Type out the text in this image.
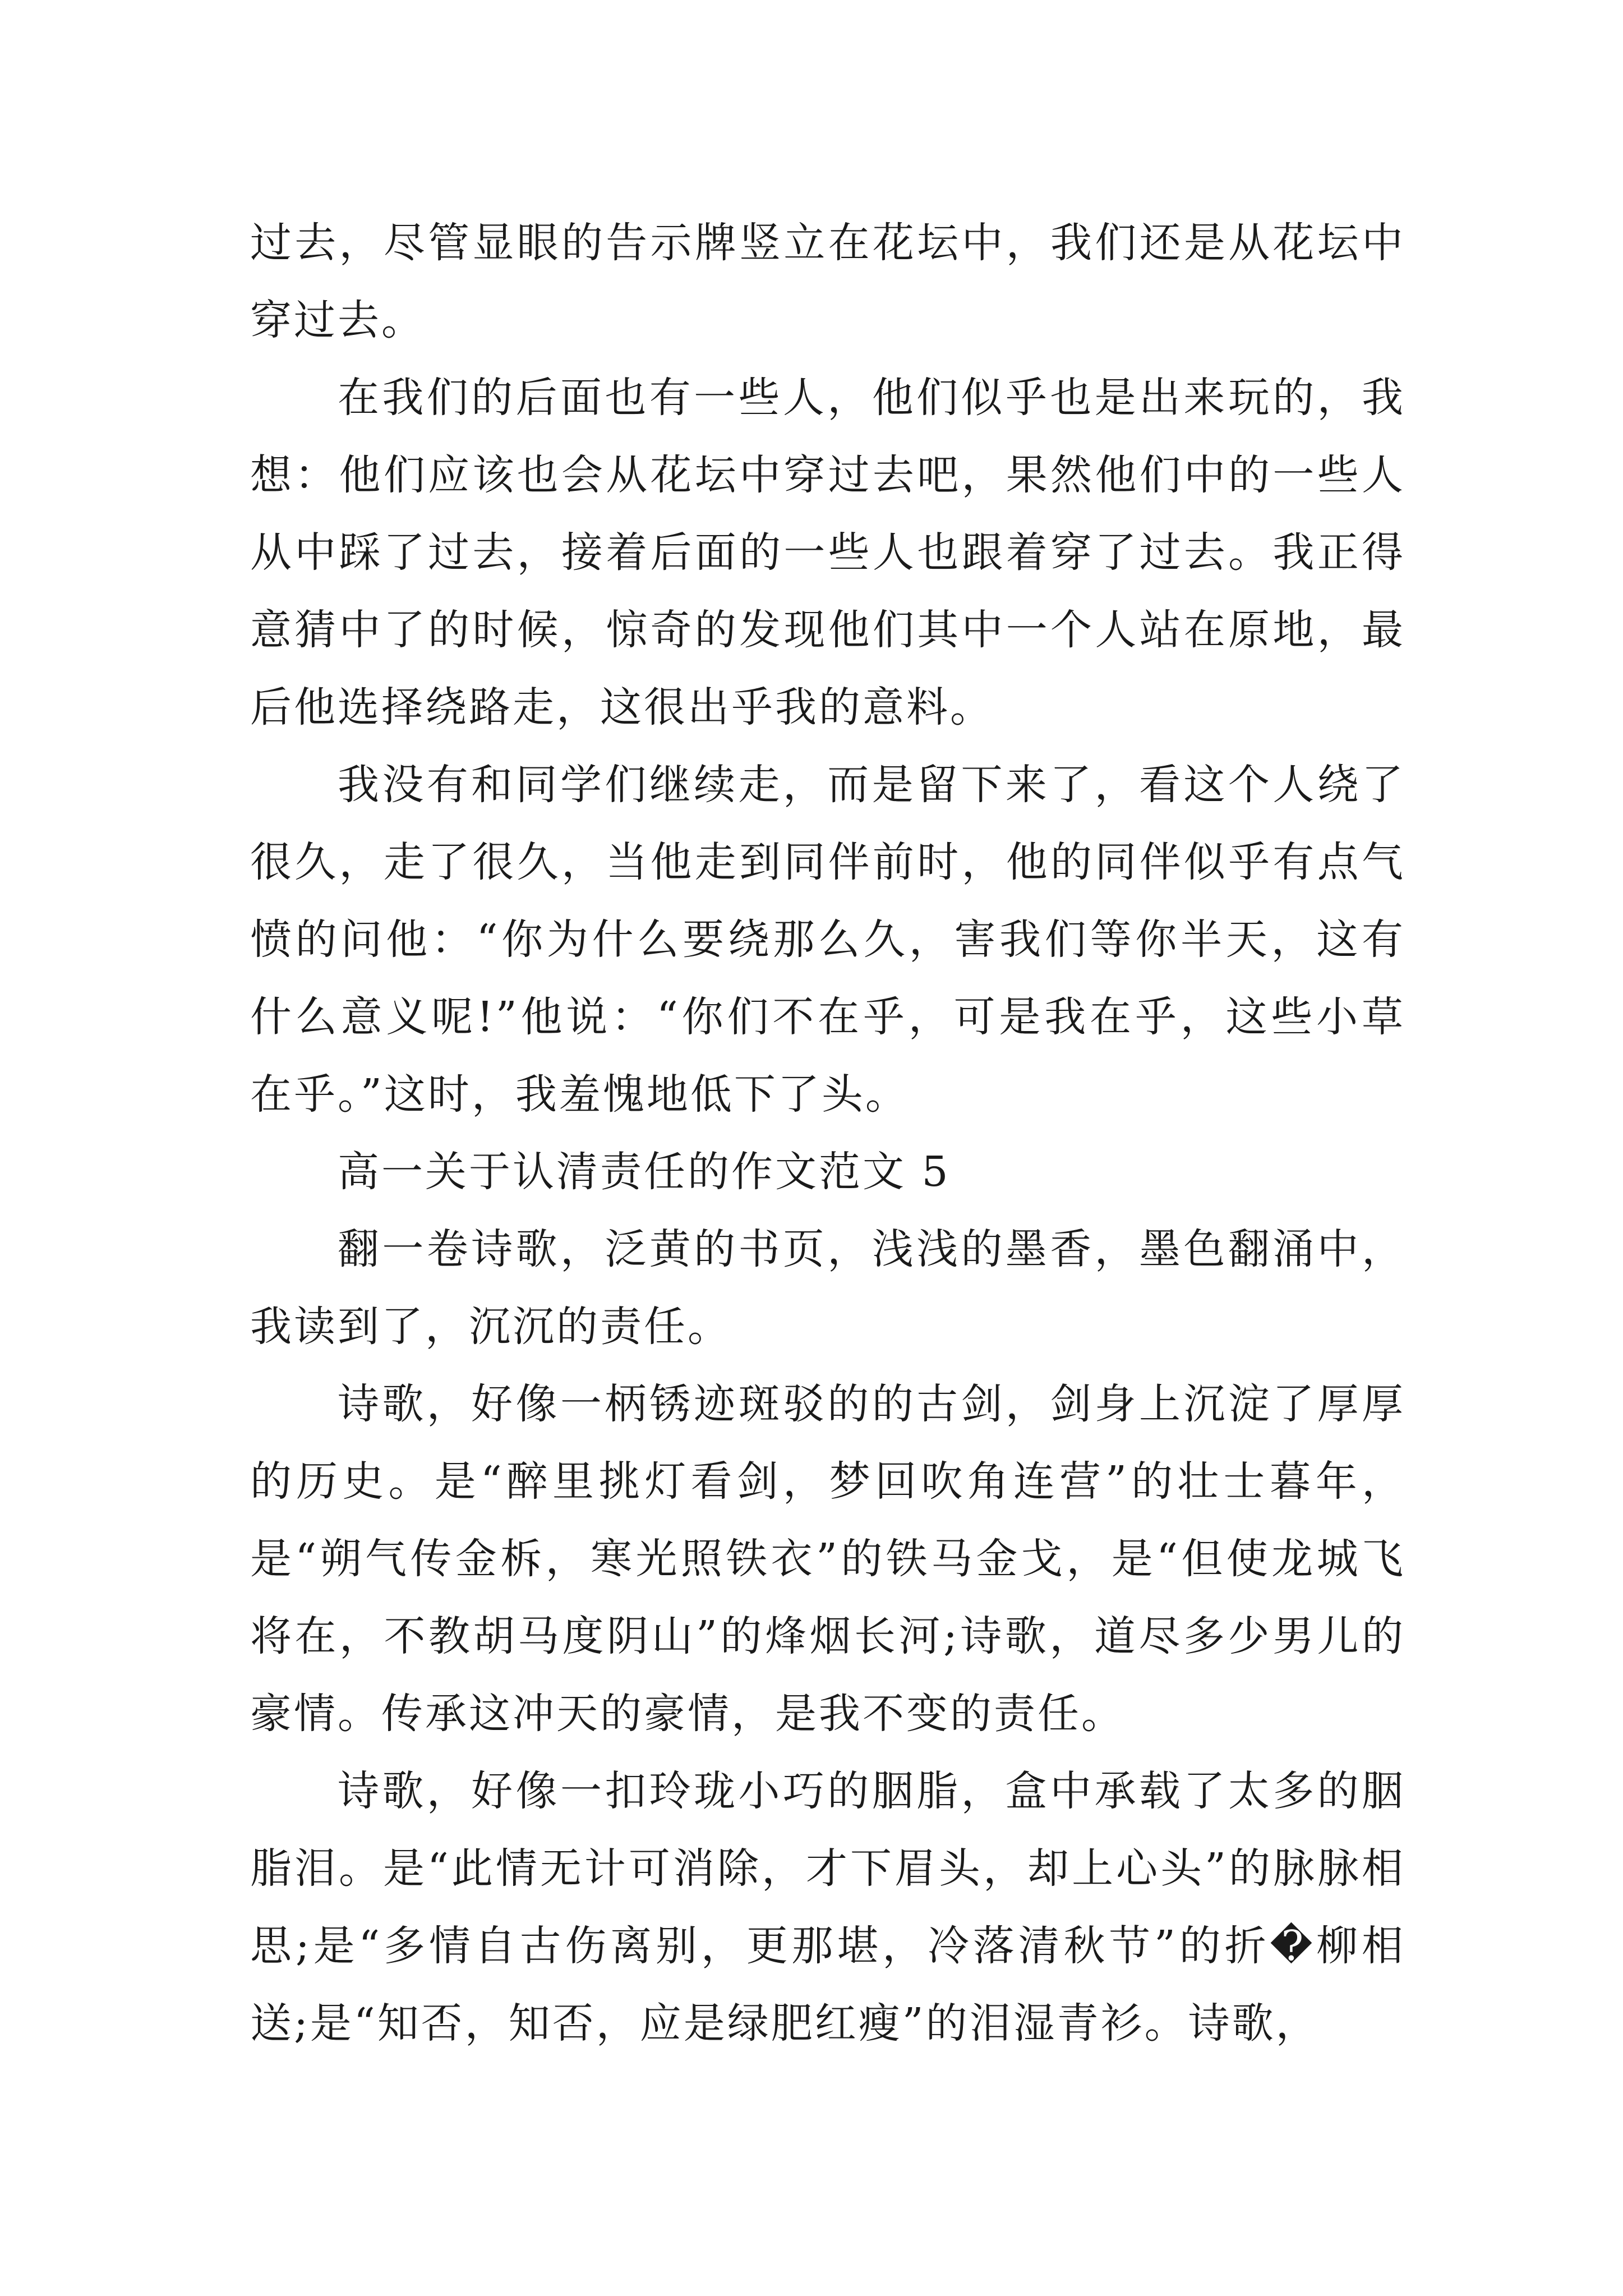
过去，尽管显眼的告示牌竖立在花坛中，我们还是从花坛中穿过去。

在我们的后面也有一些人，他们似乎也是出来玩的，我想：他们应该也会从花坛中穿过去吧，果然他们中的一些人从中踩了过去，接着后面的一些人也跟着穿了过去。我正得意猜中了的时候，惊奇的发现他们其中一个人站在原地，最后他选择绕路走，这很出乎我的意料。

我没有和同学们继续走，而是留下来了，看这个人绕了很久，走了很久，当他走到同伴前时，他的同伴似乎有点气愤的问他：“你为什么要绕那么久，害我们等你半天，这有什么意义呢!”他说：“你们不在乎，可是我在乎，这些小草在乎。”这时，我羞愧地低下了头。

高一关于认清责任的作文范文 5

翻一卷诗歌，泛黄的书页，浅浅的墨香，墨色翻涌中，我读到了，沉沉的责任。

诗歌，好像一柄锈迹斑驳的的古剑，剑身上沉淀了厚厚的历史。是“醉里挑灯看剑，梦回吹角连营”的壮士暮年，是“朔气传金柝，寒光照铁衣”的铁马金戈，是“但使龙城飞将在，不教胡马度阴山”的烽烟长河;诗歌，道尽多少男儿的豪情。传承这冲天的豪情，是我不变的责任。

诗歌，好像一扣玲珑小巧的胭脂，盒中承载了太多的胭脂泪。是“此情无计可消除，才下眉头，却上心头”的脉脉相思;是“多情自古伤离别，更那堪，冷落清秋节”的折�柳相送;是“知否，知否，应是绿肥红瘦”的泪湿青衫。诗歌，
